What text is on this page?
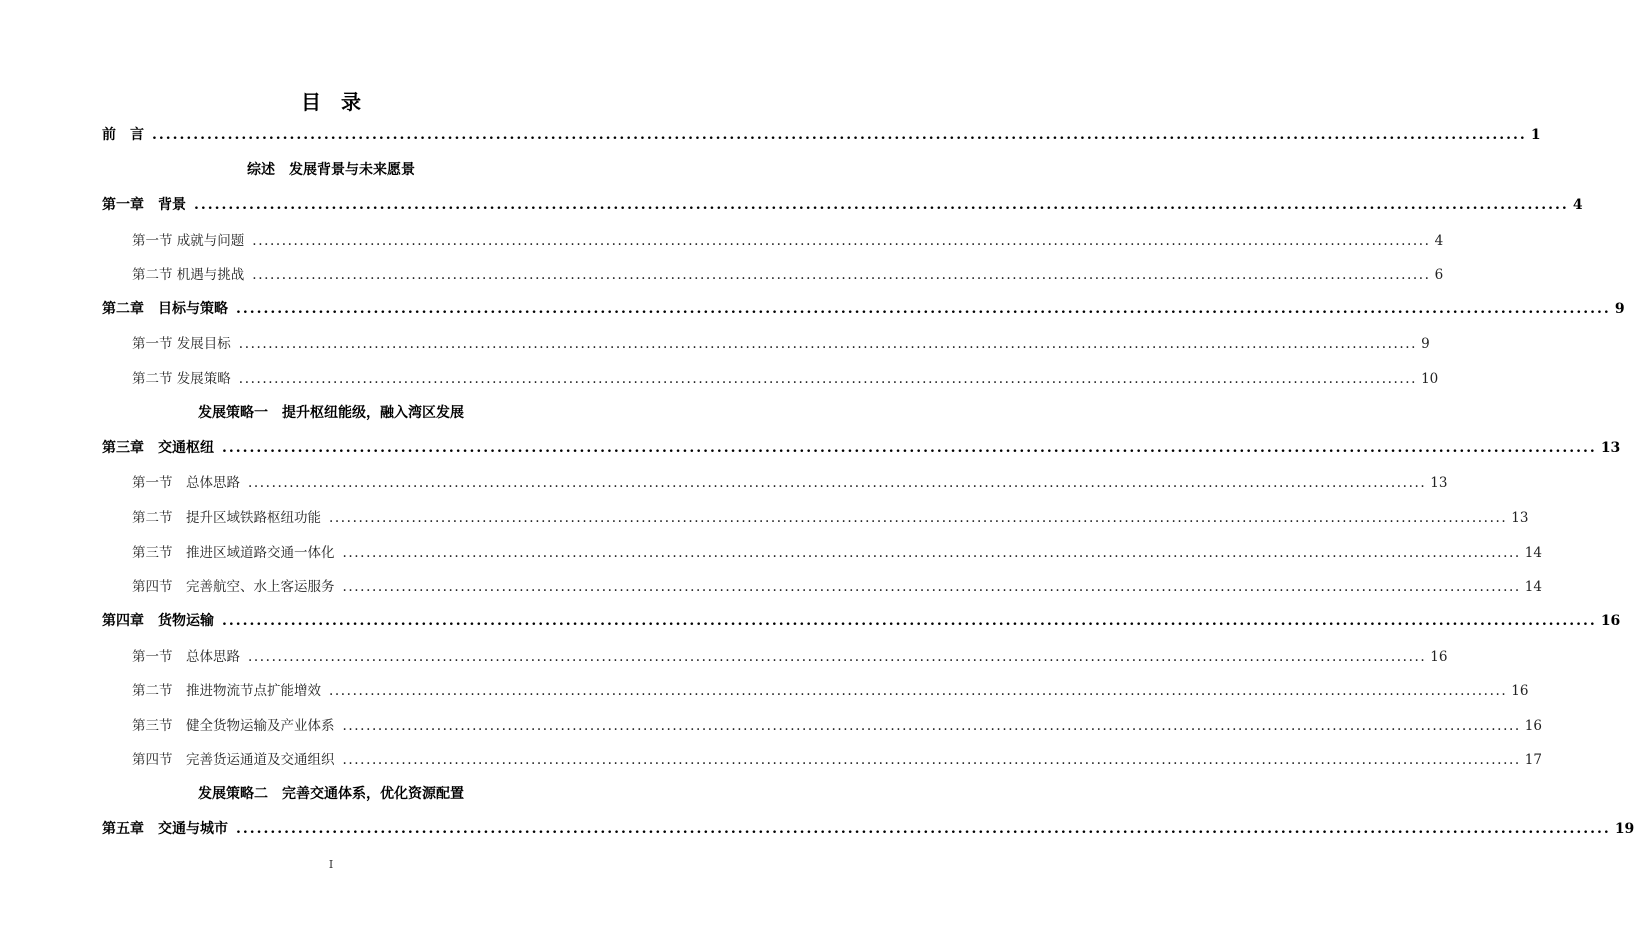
目　录
前　言 ........................................................................................................................................................................................................ 1
综述　发展背景与未来愿景
第一章　背景 ........................................................................................................................................................................................................ 4
第一节 成就与问题 ........................................................................................................................................................................................................ 4
第二节 机遇与挑战 ........................................................................................................................................................................................................ 6
第二章　目标与策略 ........................................................................................................................................................................................................ 9
第一节 发展目标 ........................................................................................................................................................................................................ 9
第二节 发展策略 ........................................................................................................................................................................................................ 10
发展策略一　提升枢纽能级，融入湾区发展
第三章　交通枢纽 ........................................................................................................................................................................................................ 13
第一节　总体思路 ........................................................................................................................................................................................................ 13
第二节　提升区域铁路枢纽功能 ........................................................................................................................................................................................................ 13
第三节　推进区域道路交通一体化 ........................................................................................................................................................................................................ 14
第四节　完善航空、水上客运服务 ........................................................................................................................................................................................................ 14
第四章　货物运输 ........................................................................................................................................................................................................ 16
第一节　总体思路 ........................................................................................................................................................................................................ 16
第二节　推进物流节点扩能增效 ........................................................................................................................................................................................................ 16
第三节　健全货物运输及产业体系 ........................................................................................................................................................................................................ 16
第四节　完善货运通道及交通组织 ........................................................................................................................................................................................................ 17
发展策略二　完善交通体系，优化资源配置
第五章　交通与城市 ........................................................................................................................................................................................................ 19
I
